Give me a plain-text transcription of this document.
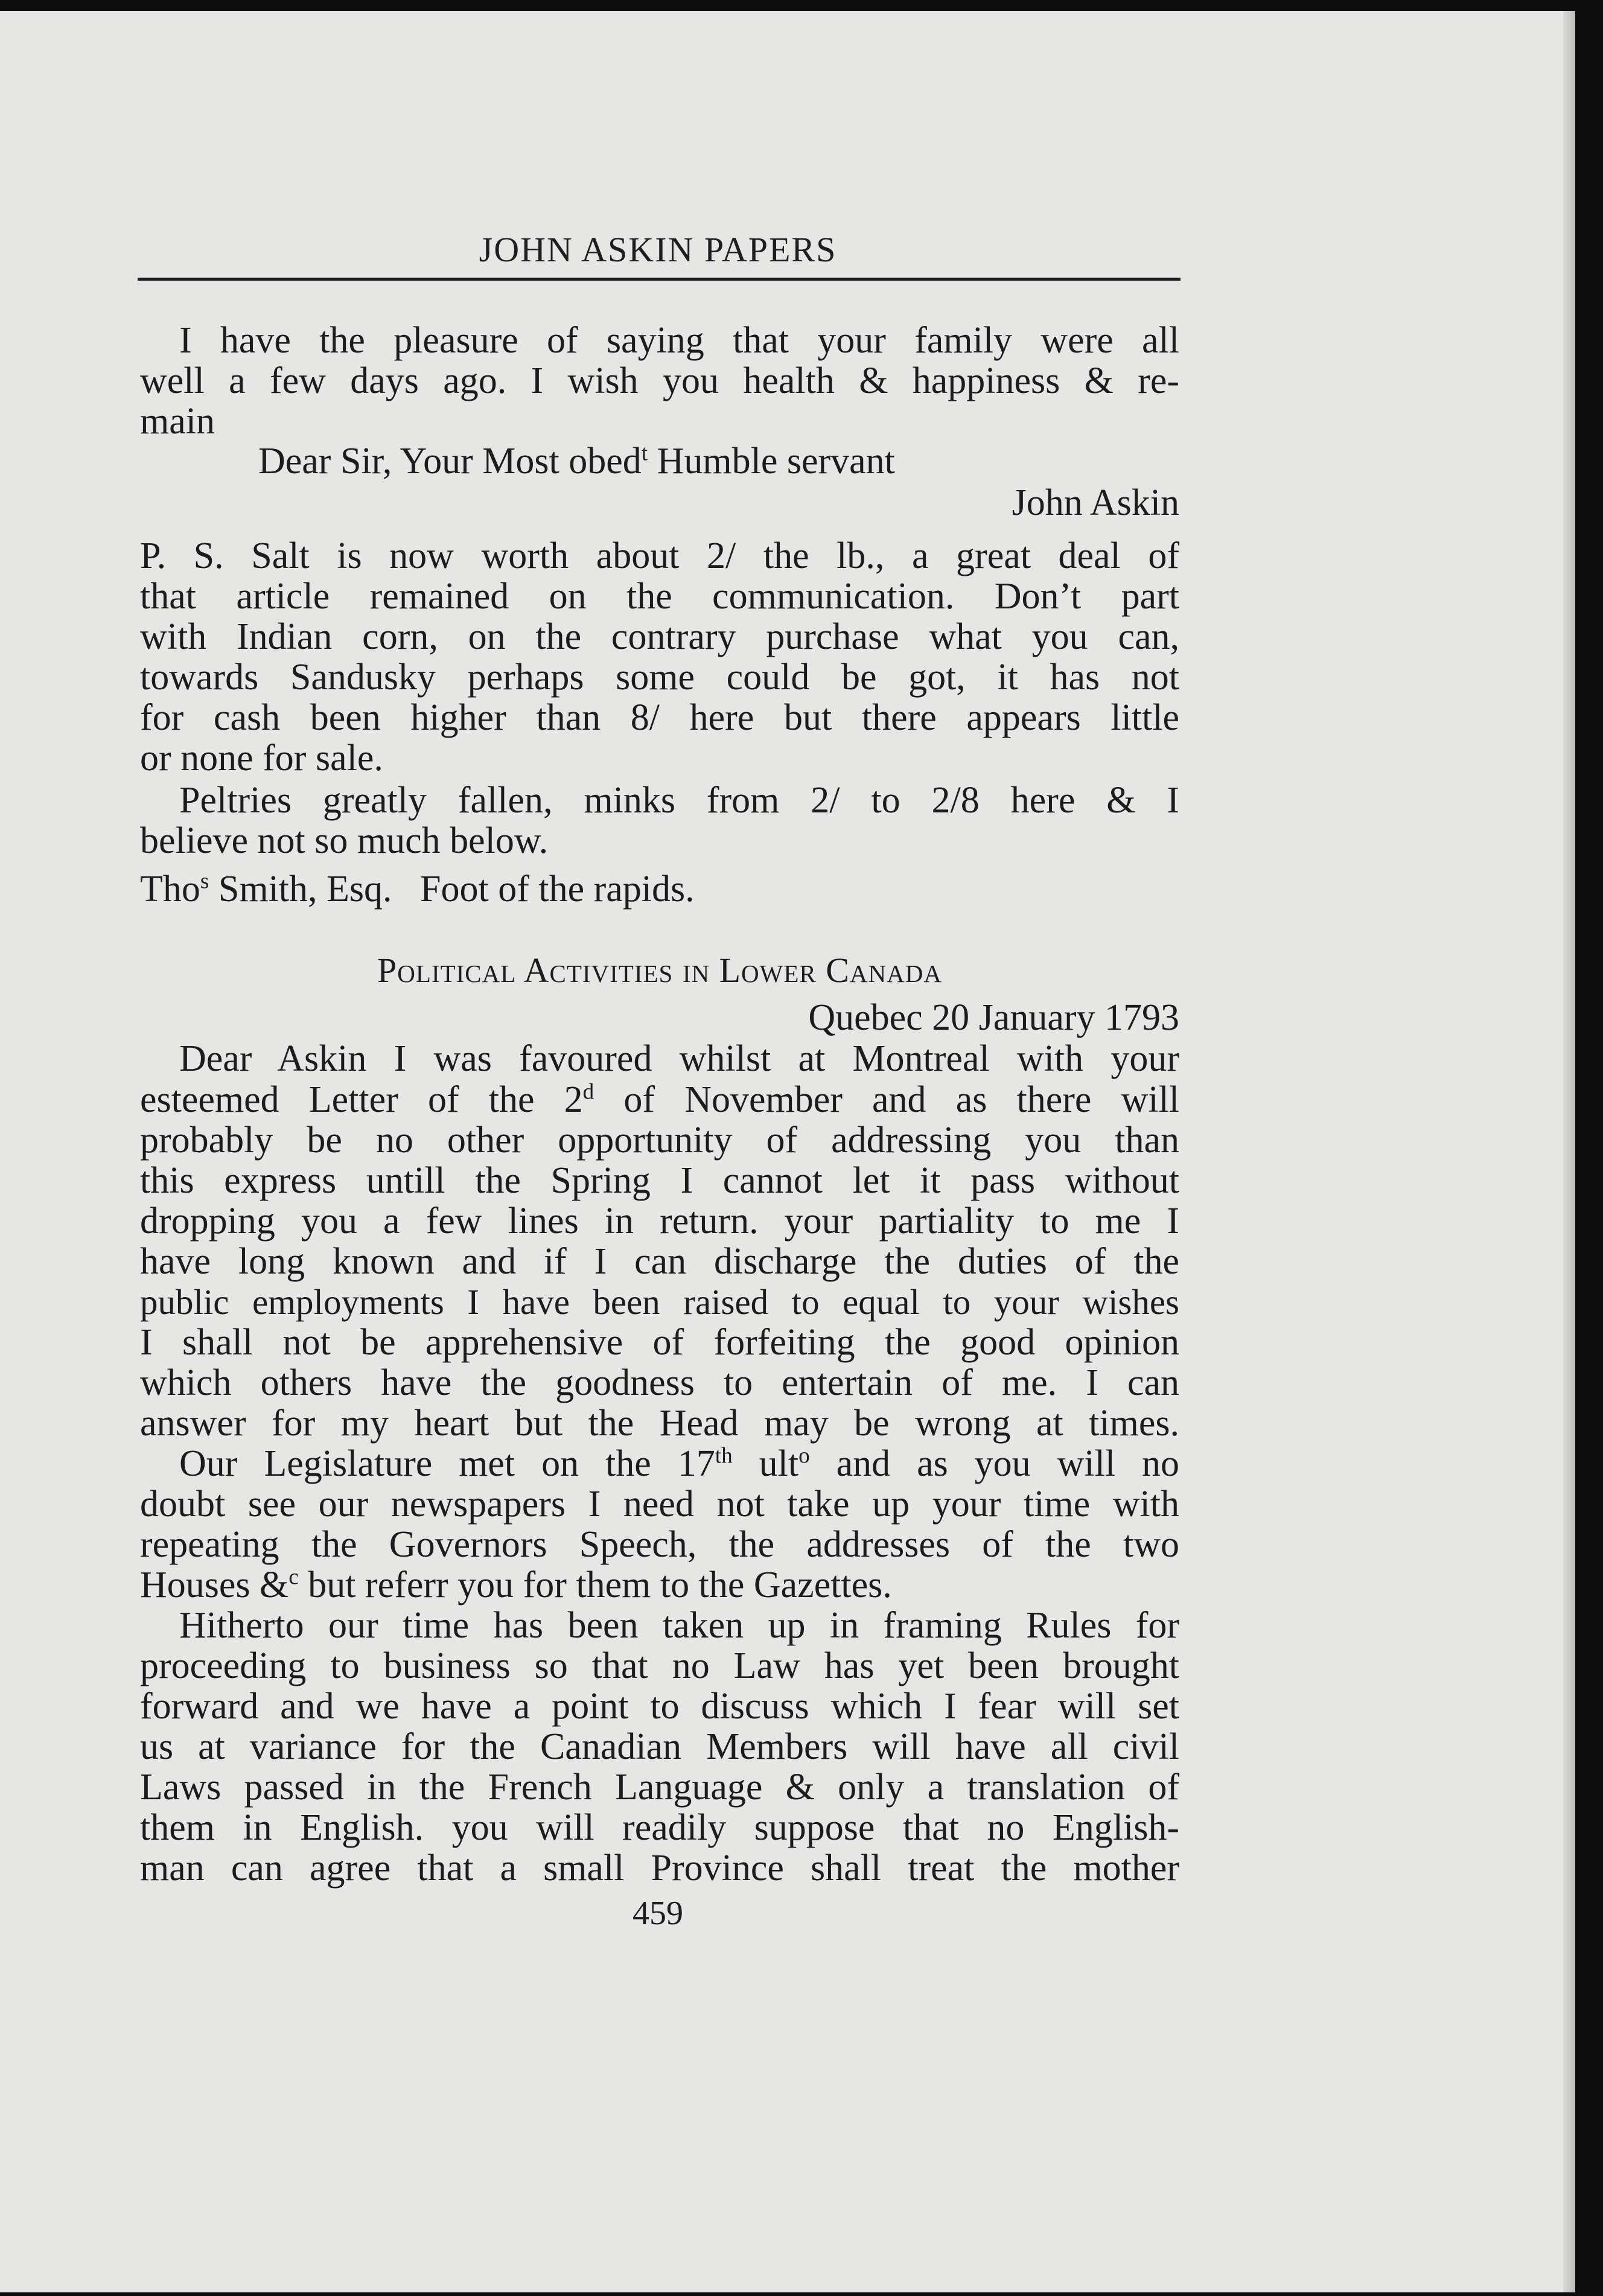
JOHN ASKIN PAPERS
I have the pleasure of saying that your family were all
well a few days ago. I wish you health & happiness & re-
main
Dear Sir, Your Most obed$^t$ Humble servant
John Askin
P. S. Salt is now worth about 2/ the lb., a great deal of
that article remained on the communication. Don’t part
with Indian corn, on the contrary purchase what you can,
towards Sandusky perhaps some could be got, it has not
for cash been higher than 8/ here but there appears little
or none for sale.
Peltries greatly fallen, minks from 2/ to 2/8 here & I
believe not so much below.
Tho$^s$ Smith, Esq.   Foot of the rapids.
Political Activities in Lower Canada
Quebec 20 January 1793
Dear Askin I was favoured whilst at Montreal with your
esteemed Letter of the 2$^d$ of November and as there will
probably be no other opportunity of addressing you than
this express untill the Spring I cannot let it pass without
dropping you a few lines in return. your partiality to me I
have long known and if I can discharge the duties of the
public employments I have been raised to equal to your wishes
I shall not be apprehensive of forfeiting the good opinion
which others have the goodness to entertain of me. I can
answer for my heart but the Head may be wrong at times.
Our Legislature met on the 17th ult$^o$ and as you will no
doubt see our newspapers I need not take up your time with
repeating the Governors Speech, the addresses of the two
Houses &$^c$ but referr you for them to the Gazettes.
Hitherto our time has been taken up in framing Rules for
proceeding to business so that no Law has yet been brought
forward and we have a point to discuss which I fear will set
us at variance for the Canadian Members will have all civil
Laws passed in the French Language & only a translation of
them in English. you will readily suppose that no English-
man can agree that a small Province shall treat the mother
459
